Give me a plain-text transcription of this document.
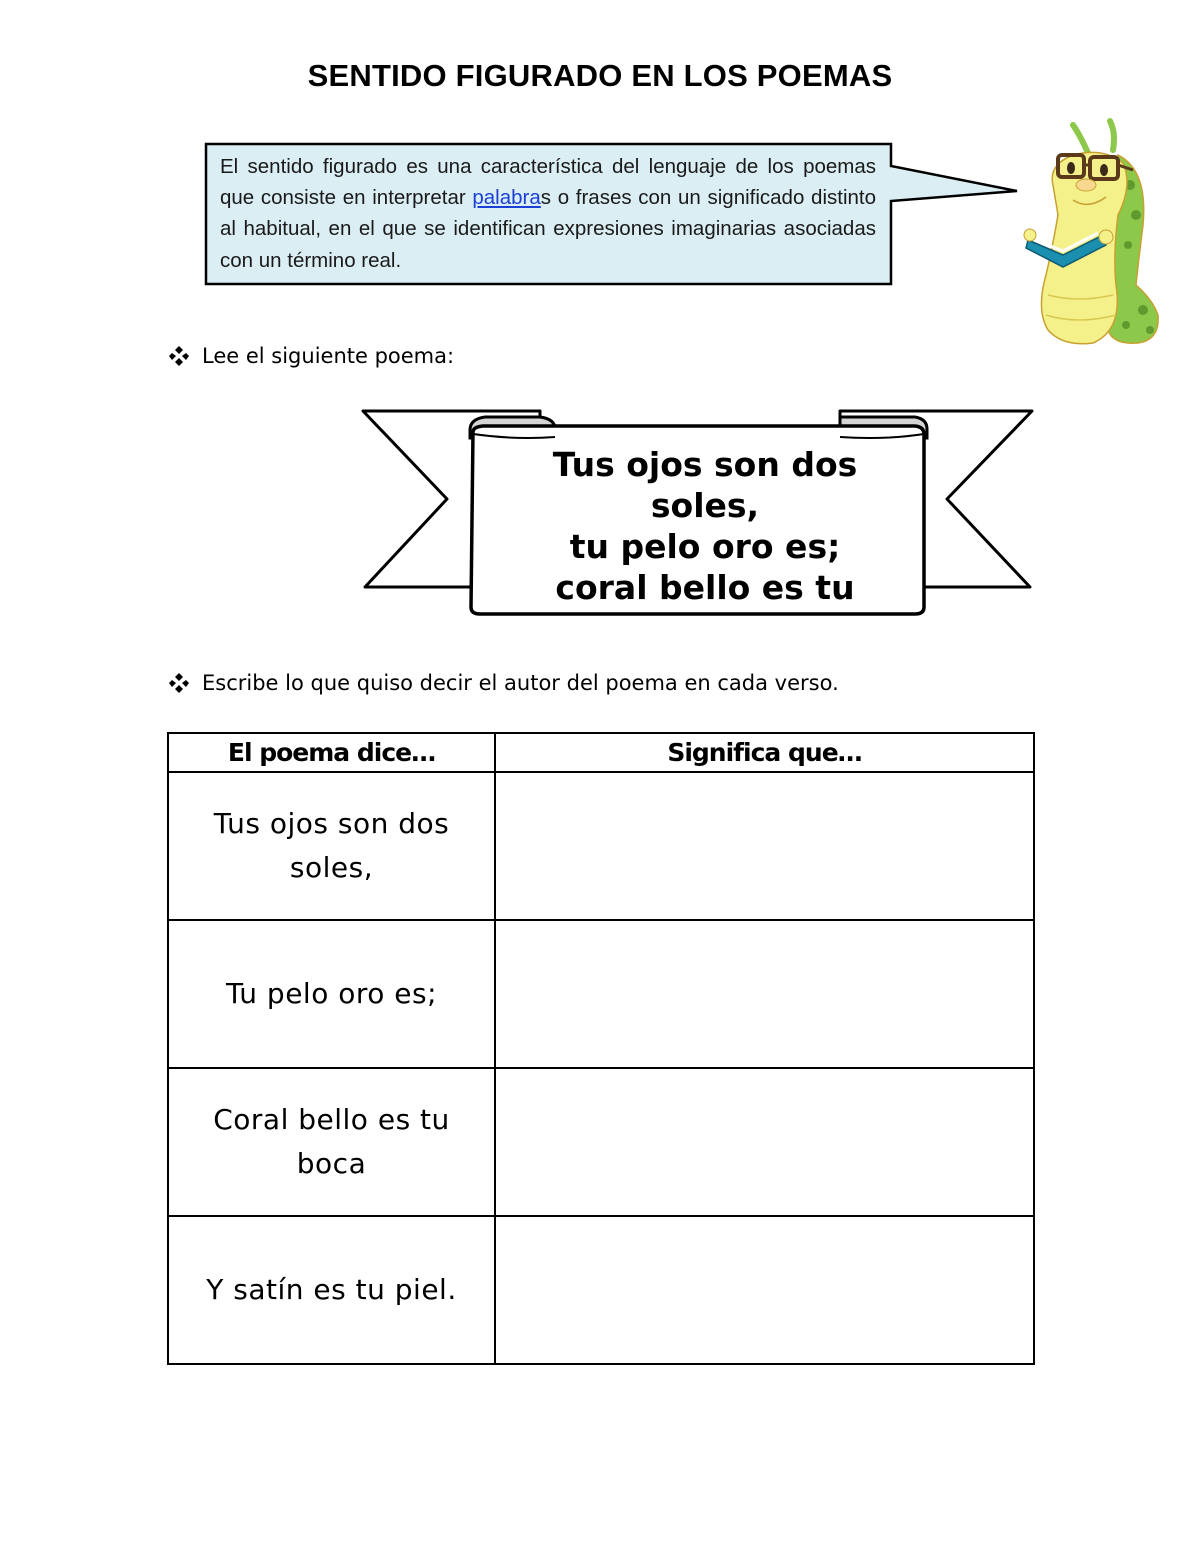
SENTIDO FIGURADO EN LOS POEMAS
El sentido figurado es una característica del lenguaje de los poemas que consiste en interpretar palabras o frases con un significado distinto al habitual, en el que se identifican expresiones imaginarias asociadas con un término real.
Lee el siguiente poema:
Tus ojos son dos
soles,
tu pelo oro es;
coral bello es tu
Escribe lo que quiso decir el autor del poema en cada verso.
El poema dice…	Significa que…
Tus ojos son dos soles,	

Tu pelo oro es;	

Coral bello es tu boca	

Y satín es tu piel.	
